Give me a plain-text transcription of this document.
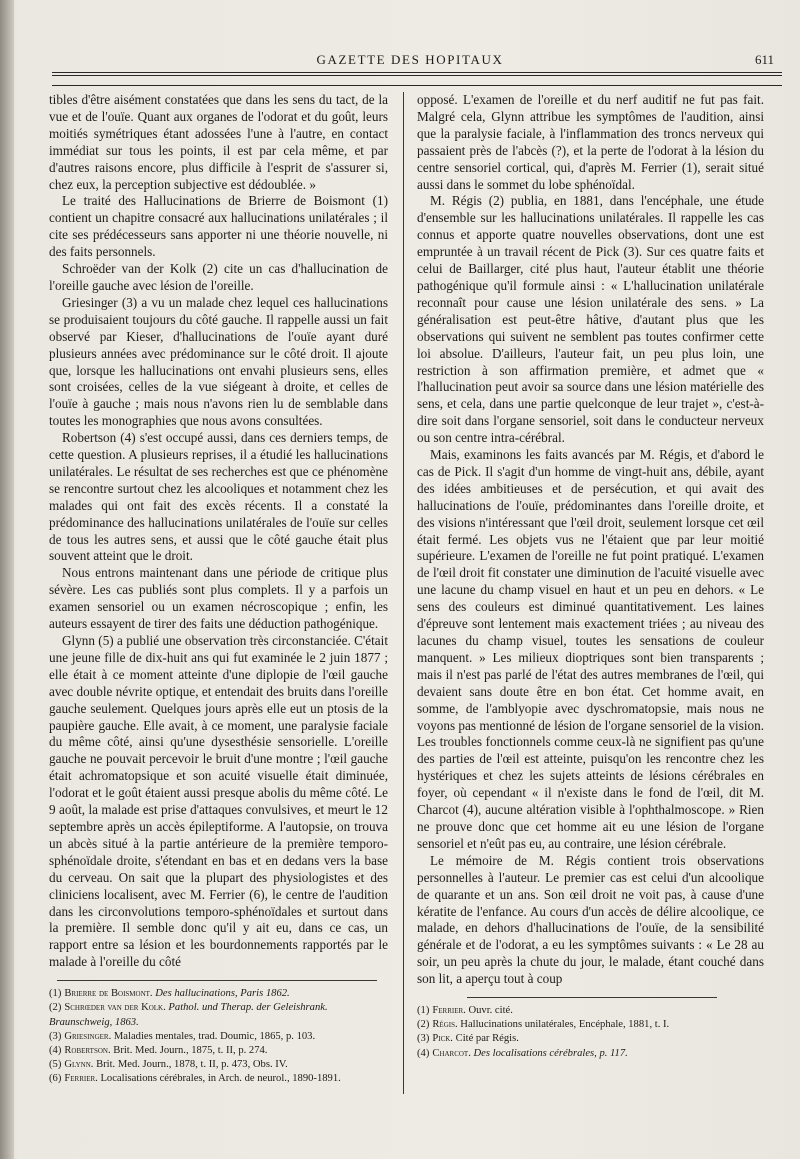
GAZETTE DES HOPITAUX	611

tibles d'être aisément constatées que dans les sens du tact, de la vue et de l'ouïe. Quant aux organes de l'odorat et du goût, leurs moitiés symétriques étant adossées l'une à l'autre, en contact immédiat sur tous les points, il est par cela même, et par d'autres raisons encore, plus difficile à l'esprit de s'assurer si, chez eux, la perception subjective est dédoublée. »

Le traité des Hallucinations de Brierre de Boismont (1) contient un chapitre consacré aux hallucinations unilatérales ; il cite ses prédécesseurs sans apporter ni une théorie nouvelle, ni des faits personnels.

Schroëder van der Kolk (2) cite un cas d'hallucination de l'oreille gauche avec lésion de l'oreille.

Griesinger (3) a vu un malade chez lequel ces hallucinations se produisaient toujours du côté gauche. Il rappelle aussi un fait observé par Kieser, d'hallucinations de l'ouïe ayant duré plusieurs années avec prédominance sur le côté droit. Il ajoute que, lorsque les hallucinations ont envahi plusieurs sens, elles sont croisées, celles de la vue siégeant à droite, et celles de l'ouïe à gauche ; mais nous n'avons rien lu de semblable dans toutes les monographies que nous avons consultées.

Robertson (4) s'est occupé aussi, dans ces derniers temps, de cette question. A plusieurs reprises, il a étudié les hallucinations unilatérales. Le résultat de ses recherches est que ce phénomène se rencontre surtout chez les alcooliques et notamment chez les malades qui ont fait des excès récents. Il a constaté la prédominance des hallucinations unilatérales de l'ouïe sur celles de tous les autres sens, et aussi que le côté gauche était plus souvent atteint que le droit.

Nous entrons maintenant dans une période de critique plus sévère. Les cas publiés sont plus complets. Il y a parfois un examen sensoriel ou un examen nécroscopique ; enfin, les auteurs essayent de tirer des faits une déduction pathogénique.

Glynn (5) a publié une observation très circonstanciée. C'était une jeune fille de dix-huit ans qui fut examinée le 2 juin 1877 ; elle était à ce moment atteinte d'une diplopie de l'œil gauche avec double névrite optique, et entendait des bruits dans l'oreille gauche seulement. Quelques jours après elle eut un ptosis de la paupière gauche. Elle avait, à ce moment, une paralysie faciale du même côté, ainsi qu'une dysesthésie sensorielle. L'oreille gauche ne pouvait percevoir le bruit d'une montre ; l'œil gauche était achromatopsique et son acuité visuelle était diminuée, l'odorat et le goût étaient aussi presque abolis du même côté. Le 9 août, la malade est prise d'attaques convulsives, et meurt le 12 septembre après un accès épileptiforme. A l'autopsie, on trouva un abcès situé à la partie antérieure de la première temporo-sphénoïdale droite, s'étendant en bas et en dedans vers la base du cerveau. On sait que la plupart des physiologistes et des cliniciens localisent, avec M. Ferrier (6), le centre de l'audition dans les circonvolutions temporo-sphénoïdales et surtout dans la première. Il semble donc qu'il y ait eu, dans ce cas, un rapport entre sa lésion et les bourdonnements rapportés par le malade à l'oreille du côté

(1) Brierre de Boismont. Des hallucinations, Paris 1862.

(2) Schrœder van der Kolk. Pathol. und Therap. der Geleishrank. Braunschweig, 1863.

(3) Griesinger. Maladies mentales, trad. Doumic, 1865, p. 103.

(4) Robertson. Brit. Med. Journ., 1875, t. II, p. 274.

(5) Glynn. Brit. Med. Journ., 1878, t. II, p. 473, Obs. IV.

(6) Ferrier. Localisations cérébrales, in Arch. de neurol., 1890-1891.

opposé. L'examen de l'oreille et du nerf auditif ne fut pas fait. Malgré cela, Glynn attribue les symptômes de l'audition, ainsi que la paralysie faciale, à l'inflammation des troncs nerveux qui passaient près de l'abcès (?), et la perte de l'odorat à la lésion du centre sensoriel cortical, qui, d'après M. Ferrier (1), serait situé aussi dans le sommet du lobe sphénoïdal.

M. Régis (2) publia, en 1881, dans l'encéphale, une étude d'ensemble sur les hallucinations unilatérales. Il rappelle les cas connus et apporte quatre nouvelles observations, dont une est empruntée à un travail récent de Pick (3). Sur ces quatre faits et celui de Baillarger, cité plus haut, l'auteur établit une théorie pathogénique qu'il formule ainsi : « L'hallucination unilatérale reconnaît pour cause une lésion unilatérale des sens. » La généralisation est peut-être hâtive, d'autant plus que les observations qui suivent ne semblent pas toutes confirmer cette loi absolue. D'ailleurs, l'auteur fait, un peu plus loin, une restriction à son affirmation première, et admet que « l'hallucination peut avoir sa source dans une lésion matérielle des sens, et cela, dans une partie quelconque de leur trajet », c'est-à-dire soit dans l'organe sensoriel, soit dans le conducteur nerveux ou son centre intra-cérébral.

Mais, examinons les faits avancés par M. Régis, et d'abord le cas de Pick. Il s'agit d'un homme de vingt-huit ans, débile, ayant des idées ambitieuses et de persécution, et qui avait des hallucinations de l'ouïe, prédominantes dans l'oreille droite, et des visions n'intéressant que l'œil droit, seulement lorsque cet œil était fermé. Les objets vus ne l'étaient que par leur moitié supérieure. L'examen de l'oreille ne fut point pratiqué. L'examen de l'œil droit fit constater une diminution de l'acuité visuelle avec une lacune du champ visuel en haut et un peu en dehors. « Le sens des couleurs est diminué quantitativement. Les laines d'épreuve sont lentement mais exactement triées ; au niveau des lacunes du champ visuel, toutes les sensations de couleur manquent. » Les milieux dioptriques sont bien transparents ; mais il n'est pas parlé de l'état des autres membranes de l'œil, qui devaient sans doute être en bon état. Cet homme avait, en somme, de l'amblyopie avec dyschromatopsie, mais nous ne voyons pas mentionné de lésion de l'organe sensoriel de la vision. Les troubles fonctionnels comme ceux-là ne signifient pas qu'une des parties de l'œil est atteinte, puisqu'on les rencontre chez les hystériques et chez les sujets atteints de lésions cérébrales en foyer, où cependant « il n'existe dans le fond de l'œil, dit M. Charcot (4), aucune altération visible à l'ophthalmoscope. » Rien ne prouve donc que cet homme ait eu une lésion de l'organe sensoriel et n'eût pas eu, au contraire, une lésion cérébrale.

Le mémoire de M. Régis contient trois observations personnelles à l'auteur. Le premier cas est celui d'un alcoolique de quarante et un ans. Son œil droit ne voit pas, à cause d'une kératite de l'enfance. Au cours d'un accès de délire alcoolique, ce malade, en dehors d'hallucinations de l'ouïe, de la sensibilité générale et de l'odorat, a eu les symptômes suivants : « Le 28 au soir, un peu après la chute du jour, le malade, étant couché dans son lit, a aperçu tout à coup

(1) Ferrier. Ouvr. cité.

(2) Régis. Hallucinations unilatérales, Encéphale, 1881, t. I.

(3) Pick. Cité par Régis.

(4) Charcot. Des localisations cérébrales, p. 117.
